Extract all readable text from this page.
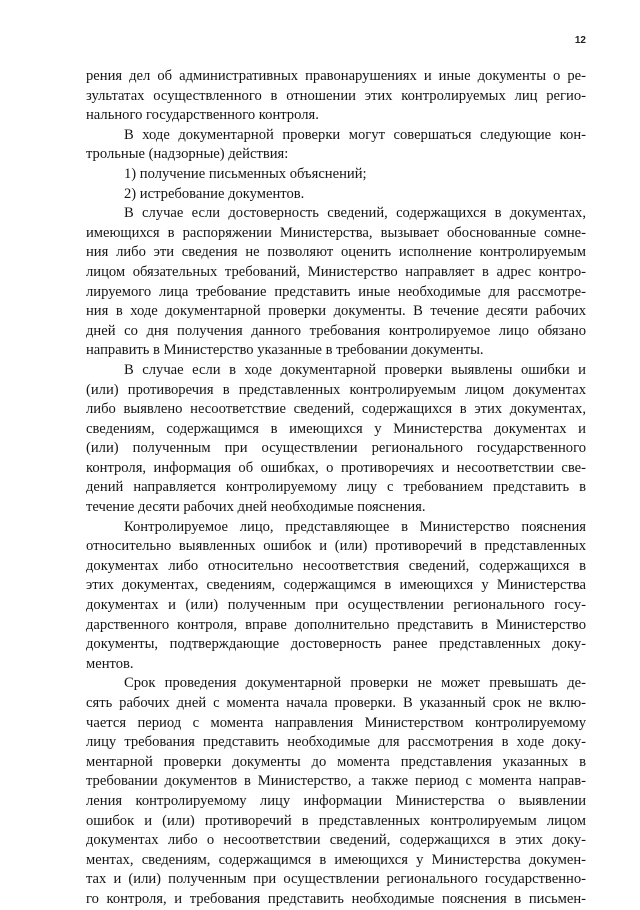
12

рения дел об административных правонарушениях и иные документы о ре-

зультатах осуществленного в отношении этих контролируемых лиц регио-

нального государственного контроля.

В ходе документарной проверки могут совершаться следующие кон-

трольные (надзорные) действия:

1) получение письменных объяснений;

2) истребование документов.

В случае если достоверность сведений, содержащихся в документах,

имеющихся в распоряжении Министерства, вызывает обоснованные сомне-

ния либо эти сведения не позволяют оценить исполнение контролируемым

лицом обязательных требований, Министерство направляет в адрес контро-

лируемого лица требование представить иные необходимые для рассмотре-

ния в ходе документарной проверки документы. В течение десяти рабочих

дней со дня получения данного требования контролируемое лицо обязано

направить в Министерство указанные в требовании документы.

В случае если в ходе документарной проверки выявлены ошибки и

(или) противоречия в представленных контролируемым лицом документах

либо выявлено несоответствие сведений, содержащихся в этих документах,

сведениям, содержащимся в имеющихся у Министерства документах и

(или) полученным при осуществлении регионального государственного

контроля, информация об ошибках, о противоречиях и несоответствии све-

дений направляется контролируемому лицу с требованием представить в

течение десяти рабочих дней необходимые пояснения.

Контролируемое лицо, представляющее в Министерство пояснения

относительно выявленных ошибок и (или) противоречий в представленных

документах либо относительно несоответствия сведений, содержащихся в

этих документах, сведениям, содержащимся в имеющихся у Министерства

документах и (или) полученным при осуществлении регионального госу-

дарственного контроля, вправе дополнительно представить в Министерство

документы, подтверждающие достоверность ранее представленных доку-

ментов.

Срок проведения документарной проверки не может превышать де-

сять рабочих дней с момента начала проверки. В указанный срок не вклю-

чается период с момента направления Министерством контролируемому

лицу требования представить необходимые для рассмотрения в ходе доку-

ментарной проверки документы до момента представления указанных в

требовании документов в Министерство, а также период с момента направ-

ления контролируемому лицу информации Министерства о выявлении

ошибок и (или) противоречий в представленных контролируемым лицом

документах либо о несоответствии сведений, содержащихся в этих доку-

ментах, сведениям, содержащимся в имеющихся у Министерства докумен-

тах и (или) полученным при осуществлении регионального государственно-

го контроля, и требования представить необходимые пояснения в письмен-
